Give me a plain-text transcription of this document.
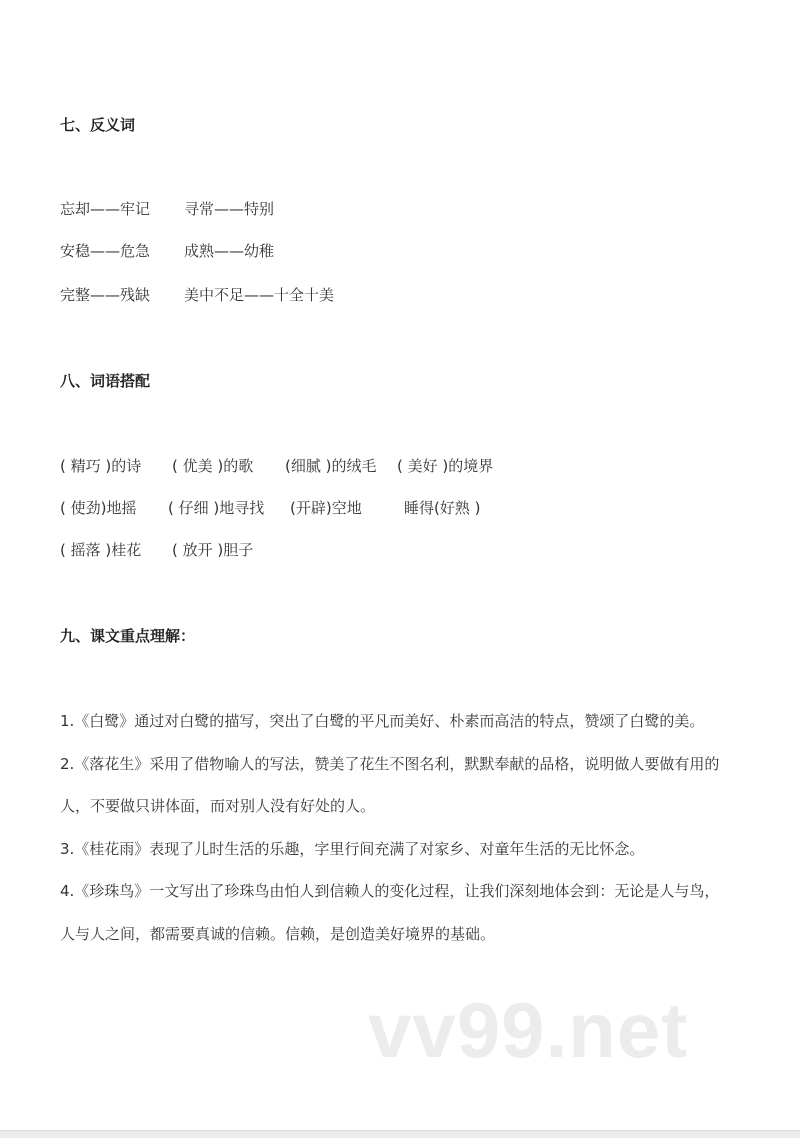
七、反义词
忘却——牢记 寻常——特别
安稳——危急 成熟——幼稚
完整——残缺 美中不足——十全十美
八、词语搭配
( 精巧 )的诗 ( 优美 )的歌 (细腻 )的绒毛 ( 美好 )的境界
( 使劲)地摇 ( 仔细 )地寻找 (开辟)空地	睡得(好熟 )
( 摇落 )桂花 ( 放开 )胆子
九、课文重点理解：

1.《白鹭》通过对白鹭的描写，突出了白鹭的平凡而美好、朴素而高洁的特点，赞颂了白鹭的美。

2.《落花生》采用了借物喻人的写法，赞美了花生不图名利，默默奉献的品格，说明做人要做有用的人，不要做只讲体面，而对别人没有好处的人。

3.《桂花雨》表现了儿时生活的乐趣，字里行间充满了对家乡、对童年生活的无比怀念。

4.《珍珠鸟》一文写出了珍珠鸟由怕人到信赖人的变化过程，让我们深刻地体会到：无论是人与鸟，人与人之间，都需要真诚的信赖。信赖，是创造美好境界的基础。

vv99.net
